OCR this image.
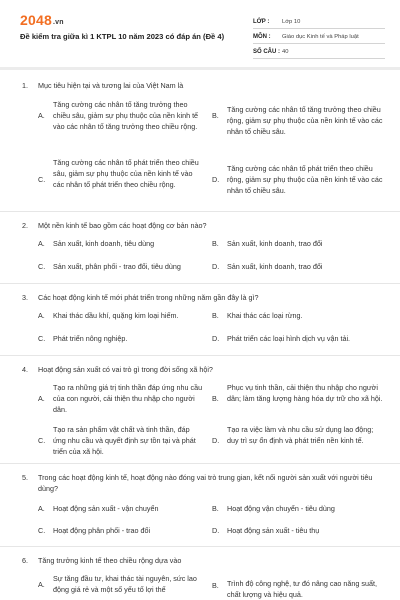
2048.vn
Đề kiểm tra giữa kì 1 KTPL 10 năm 2023 có đáp án (Đề 4)
LỚP :	Lớp 10
MÔN :	Giáo dục Kinh tế và Pháp luật
SỐ CÂU : 40
1. Mục tiêu hiện tại và tương lai của Việt Nam là
A.
Tăng cường các nhân tố tăng trưởng theo chiều sâu, giảm sự phụ thuộc của nền kinh tế vào các nhân tố tăng trưởng theo chiều rộng.
B.
Tăng cường các nhân tố tăng trưởng theo chiều rộng, giảm sự phụ thuộc của nền kinh tế vào các nhân tố chiều sâu.
C.
Tăng cường các nhân tố phát triển theo chiều sâu, giảm sự phụ thuộc của nền kinh tế vào các nhân tố phát triển theo chiều rộng.
D.
Tăng cường các nhân tố phát triển theo chiều rộng, giảm sự phụ thuộc của nền kinh tế vào các nhân tố chiều sâu.
2. Một nền kinh tế bao gồm các hoạt động cơ bản nào?
A. Sản xuất, kinh doanh, tiêu dùng	B. Sản xuất, kinh doanh, trao đổi
C. Sản xuất, phân phối - trao đổi, tiêu dùng	D. Sản xuất, kinh doanh, trao đổi
3. Các hoạt động kinh tế mới phát triển trong những năm gần đây là gì?
A. Khai thác dầu khí, quặng kim loại hiếm.	B. Khai thác các loại rừng.
C. Phát triển nông nghiệp.	D. Phát triển các loại hình dịch vụ vận tải.
4. Hoạt động sản xuất có vai trò gì trong đời sống xã hội?
A.
Tạo ra những giá trị tinh thần đáp ứng nhu cầu của con người, cải thiện thu nhập cho người dân.
B.
Phục vụ tinh thần, cải thiện thu nhập cho người dân; làm tăng lượng hàng hóa dự trữ cho xã hội.
C.
Tạo ra sản phẩm vật chất và tinh thần, đáp ứng nhu cầu và quyết định sự tồn tại và phát triển của xã hội.
D.
Tạo ra việc làm và nhu cầu sử dụng lao động; duy trì sự ổn định và phát triển nền kinh tế.
5. Trong các hoạt động kinh tế, hoạt động nào đóng vai trò trung gian, kết nối người sản xuất với người tiêu dùng?
A. Hoạt động sản xuất - vận chuyển	B. Hoạt động vận chuyển - tiêu dùng
C. Hoạt động phân phối - trao đổi	D. Hoạt động sản xuất - tiêu thụ
6. Tăng trưởng kinh tế theo chiều rộng dựa vào
A.
Sự tăng đầu tư, khai thác tài nguyên, sức lao động giá rẻ và một số yếu tố lợi thế	B. Trình độ công nghệ, tư đó nâng cao năng suất, chất lượng và hiệu quả.
